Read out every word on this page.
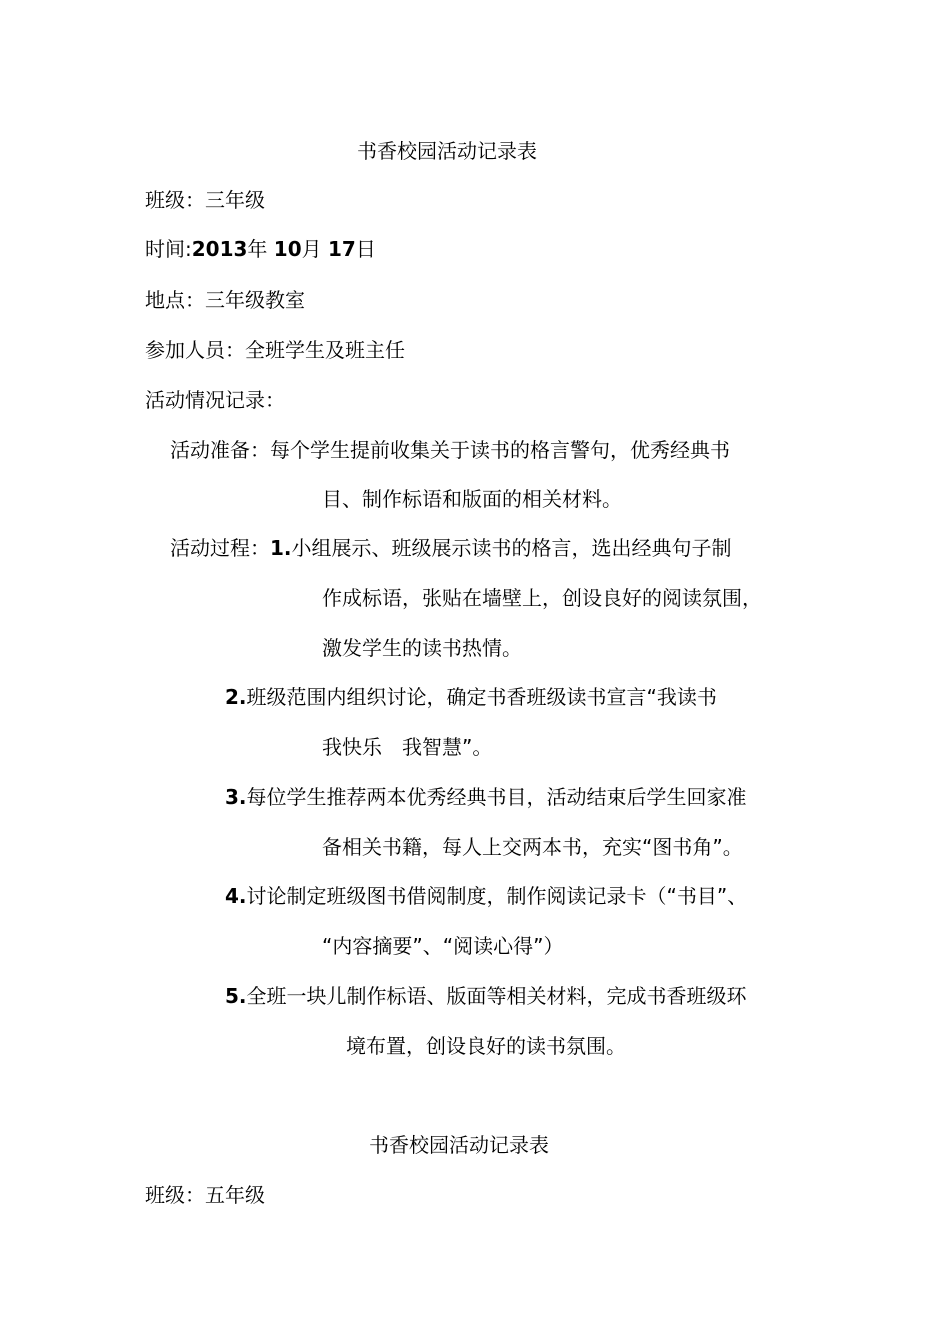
书香校园活动记录表
班级：三年级
时间:2013年 10月 17日
地点：三年级教室
参加人员：全班学生及班主任
活动情况记录：
活动准备：每个学生提前收集关于读书的格言警句，优秀经典书
目、制作标语和版面的相关材料。
活动过程：1.小组展示、班级展示读书的格言，选出经典句子制
作成标语，张贴在墙壁上，创设良好的阅读氛围，
激发学生的读书热情。
2.班级范围内组织讨论，确定书香班级读书宣言“我读书
我快乐　我智慧”。
3.每位学生推荐两本优秀经典书目，活动结束后学生回家准
备相关书籍，每人上交两本书，充实“图书角”。
4.讨论制定班级图书借阅制度，制作阅读记录卡（“书目”、
“内容摘要”、“阅读心得”）
5.全班一块儿制作标语、版面等相关材料，完成书香班级环
境布置，创设良好的读书氛围。
书香校园活动记录表
班级：五年级
